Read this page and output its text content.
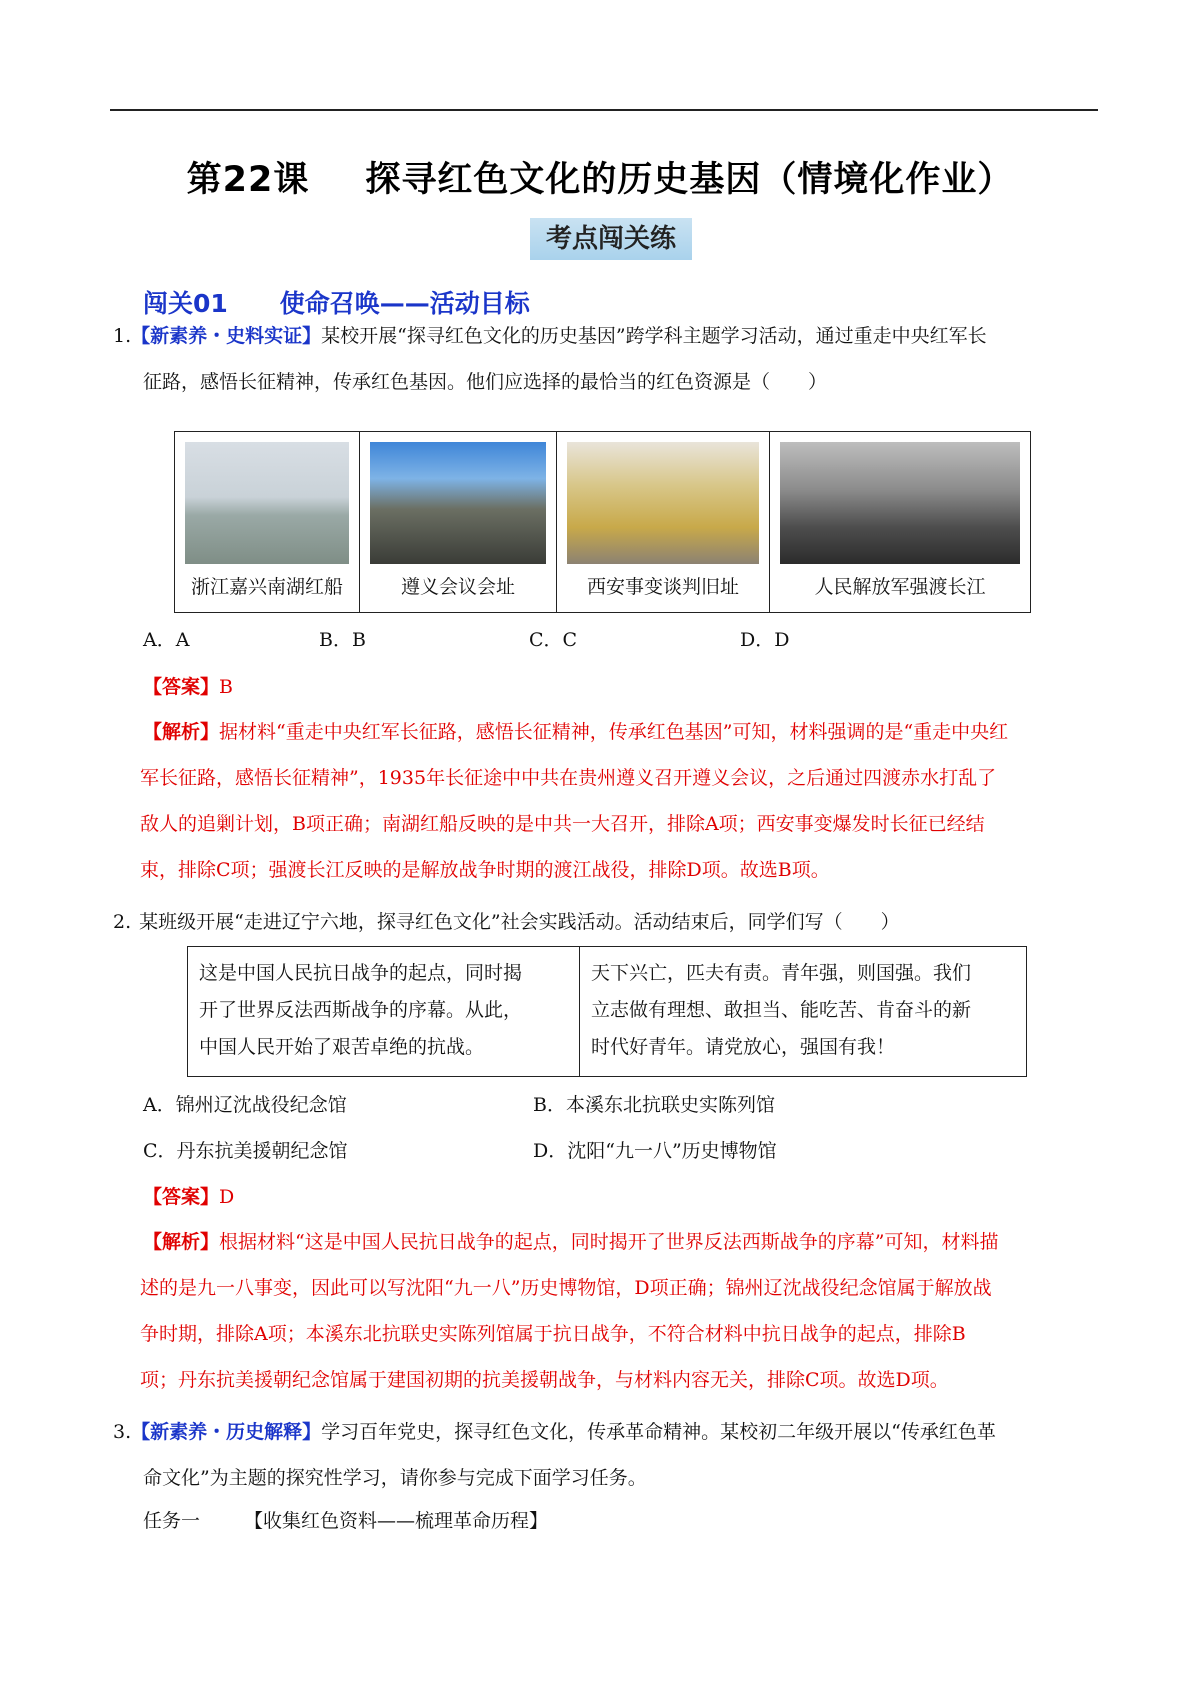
第22课 探寻红色文化的历史基因（情境化作业）
考点闯关练
闯关01 使命召唤——活动目标
1.【新素养・史料实证】某校开展“探寻红色文化的历史基因”跨学科主题学习活动，通过重走中央红军长
征路，感悟长征精神，传承红色基因。他们应选择的最恰当的红色资源是（　　）
浙江嘉兴南湖红船	遵义会议会址	西安事变谈判旧址	人民解放军强渡长江
A．A	B．B	C．C	D．D
【答案】B
【解析】据材料“重走中央红军长征路，感悟长征精神，传承红色基因”可知，材料强调的是“重走中央红
军长征路，感悟长征精神”，1935年长征途中中共在贵州遵义召开遵义会议，之后通过四渡赤水打乱了
敌人的追剿计划，B项正确；南湖红船反映的是中共一大召开，排除A项；西安事变爆发时长征已经结
束，排除C项；强渡长江反映的是解放战争时期的渡江战役，排除D项。故选B项。
2. 某班级开展“走进辽宁六地，探寻红色文化”社会实践活动。活动结束后，同学们写（　　）
这是中国人民抗日战争的起点，同时揭
开了世界反法西斯战争的序幕。从此，
中国人民开始了艰苦卓绝的抗战。
天下兴亡，匹夫有责。青年强，则国强。我们
立志做有理想、敢担当、能吃苦、肯奋斗的新
时代好青年。请党放心，强国有我！
A．锦州辽沈战役纪念馆	B．本溪东北抗联史实陈列馆
C．丹东抗美援朝纪念馆	D．沈阳“九一八”历史博物馆
【答案】D
【解析】根据材料“这是中国人民抗日战争的起点，同时揭开了世界反法西斯战争的序幕”可知，材料描
述的是九一八事变，因此可以写沈阳“九一八”历史博物馆，D项正确；锦州辽沈战役纪念馆属于解放战
争时期，排除A项；本溪东北抗联史实陈列馆属于抗日战争，不符合材料中抗日战争的起点，排除B
项；丹东抗美援朝纪念馆属于建国初期的抗美援朝战争，与材料内容无关，排除C项。故选D项。
3.【新素养・历史解释】学习百年党史，探寻红色文化，传承革命精神。某校初二年级开展以“传承红色革
命文化”为主题的探究性学习，请你参与完成下面学习任务。
任务一 【收集红色资料——梳理革命历程】
